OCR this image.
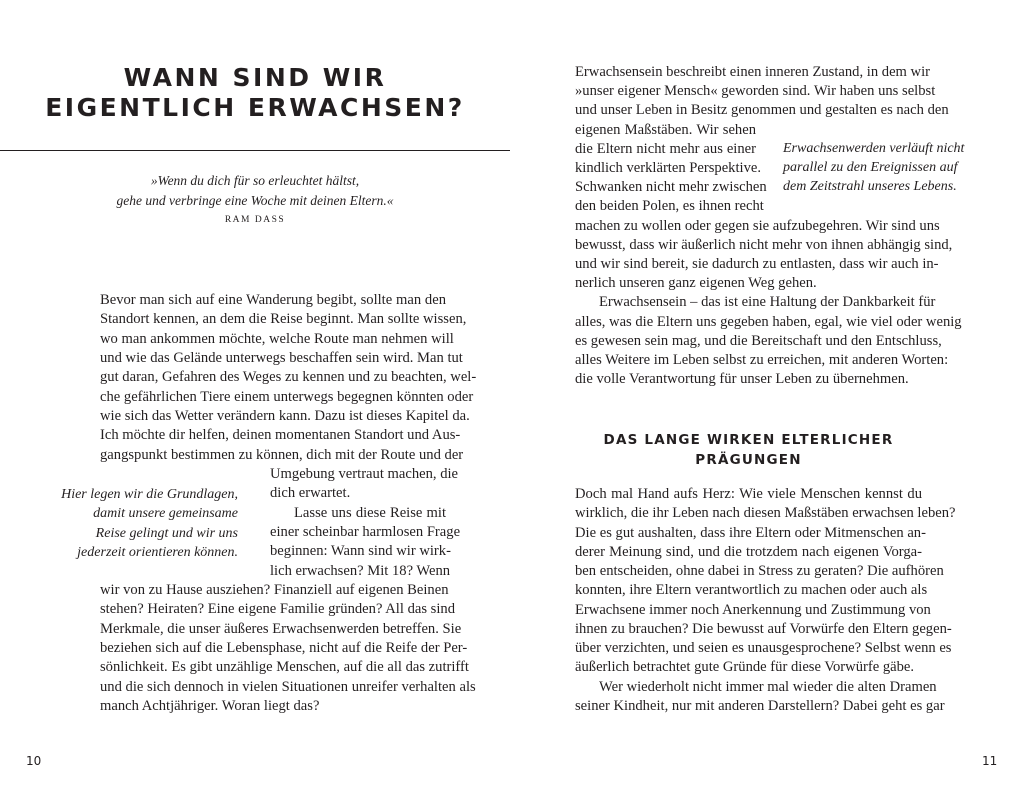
WANN SIND WIR
EIGENTLICH ERWACHSEN?
»Wenn du dich für so erleuchtet hältst,
gehe und verbringe eine Woche mit deinen Eltern.«
RAM DASS
Bevor man sich auf eine Wanderung begibt, sollte man den
Standort kennen, an dem die Reise beginnt. Man sollte wissen,
wo man ankommen möchte, welche Route man nehmen will
und wie das Gelände unterwegs beschaffen sein wird. Man tut
gut daran, Gefahren des Weges zu kennen und zu beachten, wel-
che gefährlichen Tiere einem unterwegs begegnen könnten oder
wie sich das Wetter verändern kann. Dazu ist dieses Kapitel da.
Ich möchte dir helfen, deinen momentanen Standort und Aus-
gangspunkt bestimmen zu können, dich mit der Route und der
Umgebung vertraut machen, die
dich erwartet.
Lasse uns diese Reise mit
einer scheinbar harmlosen Frage
beginnen: Wann sind wir wirk-
lich erwachsen? Mit 18? Wenn
wir von zu Hause ausziehen? Finanziell auf eigenen Beinen
stehen? Heiraten? Eine eigene Familie gründen? All das sind
Merkmale, die unser äußeres Erwachsenwerden betreffen. Sie
beziehen sich auf die Lebensphase, nicht auf die Reife der Per-
sönlichkeit. Es gibt unzählige Menschen, auf die all das zutrifft
und die sich dennoch in vielen Situationen unreifer verhalten als
manch Achtjähriger. Woran liegt das?
Hier legen wir die Grundlagen,
damit unsere gemeinsame
Reise gelingt und wir uns
jederzeit orientieren können.
10
Erwachsensein beschreibt einen inneren Zustand, in dem wir
»unser eigener Mensch« geworden sind. Wir haben uns selbst
und unser Leben in Besitz genommen und gestalten es nach den
eigenen Maßstäben. Wir sehen
die Eltern nicht mehr aus einer
kindlich verklärten Perspektive.
Schwanken nicht mehr zwischen
den beiden Polen, es ihnen recht
machen zu wollen oder gegen sie aufzubegehren. Wir sind uns
bewusst, dass wir äußerlich nicht mehr von ihnen abhängig sind,
und wir sind bereit, sie dadurch zu entlasten, dass wir auch in-
nerlich unseren ganz eigenen Weg gehen.
Erwachsensein – das ist eine Haltung der Dankbarkeit für
alles, was die Eltern uns gegeben haben, egal, wie viel oder wenig
es gewesen sein mag, und die Bereitschaft und den Entschluss,
alles Weitere im Leben selbst zu erreichen, mit anderen Worten:
die volle Verantwortung für unser Leben zu übernehmen.
Erwachsenwerden verläuft nicht
parallel zu den Ereignissen auf
dem Zeitstrahl unseres Lebens.
DAS LANGE WIRKEN ELTERLICHER
PRÄGUNGEN
Doch mal Hand aufs Herz: Wie viele Menschen kennst du
wirklich, die ihr Leben nach diesen Maßstäben erwachsen leben?
Die es gut aushalten, dass ihre Eltern oder Mitmenschen an-
derer Meinung sind, und die trotzdem nach eigenen Vorga-
ben entscheiden, ohne dabei in Stress zu geraten? Die aufhören
konnten, ihre Eltern verantwortlich zu machen oder auch als
Erwachsene immer noch Anerkennung und Zustimmung von
ihnen zu brauchen? Die bewusst auf Vorwürfe den Eltern gegen-
über verzichten, und seien es unausgesprochene? Selbst wenn es
äußerlich betrachtet gute Gründe für diese Vorwürfe gäbe.
Wer wiederholt nicht immer mal wieder die alten Dramen
seiner Kindheit, nur mit anderen Darstellern? Dabei geht es gar
11
